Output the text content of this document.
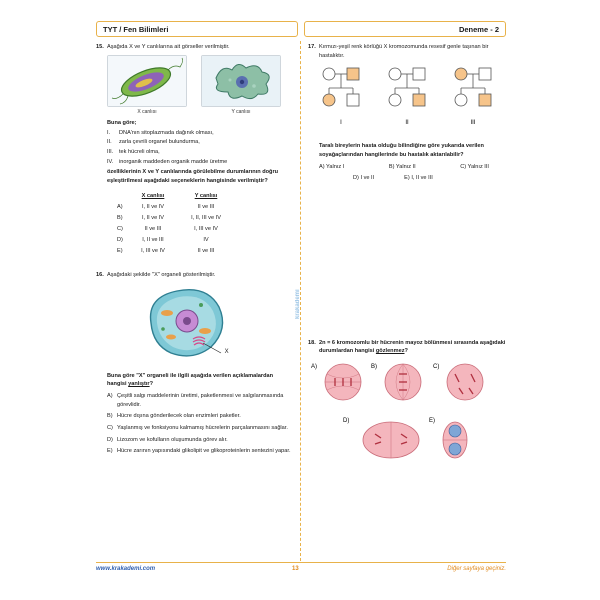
TYT / Fen Bilimleri	Deneme - 2
krakademi
15. Aşağıda X ve Y canlılarına ait görseller verilmiştir.
X canlısı	Y canlısı
Buna göre;
I.	DNA'nın sitoplazmada dağınık olması,
II.	zarla çevrili organel bulundurma,
III.	tek hücreli olma,
IV.	inorganik maddeden organik madde üretme
özelliklerinin X ve Y canlılarında görülebilme durumlarının doğru eşleştirilmesi aşağıdaki seçeneklerin hangisinde verilmiştir?
X canlısı	Y canlısı
A)	I, II ve IV	II ve III
B)	I, II ve IV	I, II, III ve IV
C)	II ve III	I, III ve IV
D)	I, II ve III	IV
E)	I, III ve IV	II ve III
16. Aşağıdaki şekilde "X" organeli gösterilmiştir.
X
Buna göre "X" organeli ile ilgili aşağıda verilen açıklamalardan hangisi yanlıştır?
A) Çeşitli salgı maddelerinin üretimi, paketlenmesi ve salgılanmasında görevlidir.
B) Hücre dışına gönderilecek olan enzimleri paketler.
C) Yaşlanmış ve fonksiyonu kalmamış hücrelerin parçalanmasını sağlar.
D) Lizozom ve kofulların oluşumunda görev alır.
E) Hücre zarının yapısındaki glikolipit ve glikoproteinlerin sentezini yapar.
17. Kırmızı-yeşil renk körlüğü X kromozomunda resesif genle taşınan bir hastalıktır.
I	II	III
Taralı bireylerin hasta olduğu bilindiğine göre yukarıda verilen soyağaçlarından hangilerinde bu hastalık aktarılabilir?
A) Yalnız I	B) Yalnız II	C) Yalnız III
D) I ve II	E) I, II ve III
18. 2n = 6 kromozomlu bir hücrenin mayoz bölünmesi sırasında aşağıdaki durumlardan hangisi gözlenmez?
A)	B)	C)
D)	E)
www.krakademi.com	13	Diğer sayfaya geçiniz.
